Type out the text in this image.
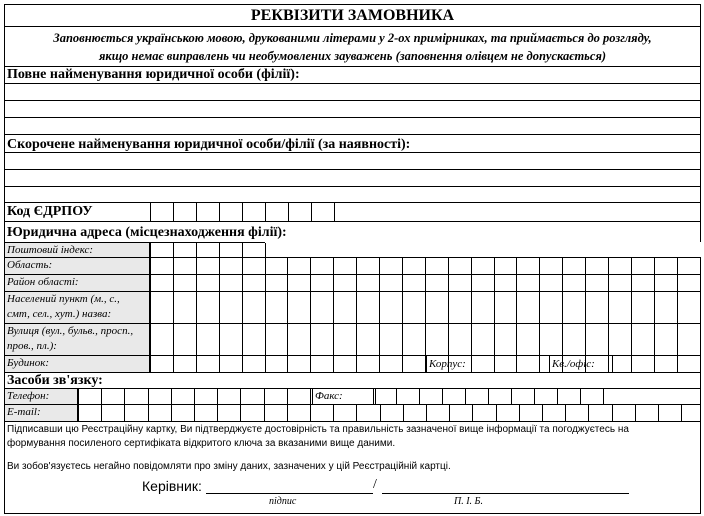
РЕКВІЗИТИ ЗАМОВНИКА
Заповнюється українською мовою, друкованими літерами у 2-ох примірниках, та приймається до розгляду,
якщо немає виправлень чи необумовлених зауважень (заповнення олівцем не допускається)
Повне найменування юридичної особи (філії):
Скорочене найменування юридичної особи/філії (за наявності):
Код ЄДРПОУ
Юридична адреса (місцезнаходження філії):
Поштовий індекс:
Область:
Район області:
Населений пункт (м., с.,
смт, сел., хут.) назва:
Вулиця (вул., бульв., просп.,
пров., пл.):
Будинок:	Корпус:	Кв./офіс:
Засоби зв'язку:
Телефон:	Факс:
E-mail:
Підписавши цю Реєстраційну картку, Ви підтверджуєте достовірність та правильність зазначеної вище інформації та погоджуєтесь на
формування посиленого сертифіката відкритого ключа за вказаними вище даними.
Ви зобов'язуєтесь негайно повідомляти про зміну даних, зазначених у цій Реєстраційній картці.
Керівник:	/
підпис	П. І. Б.
